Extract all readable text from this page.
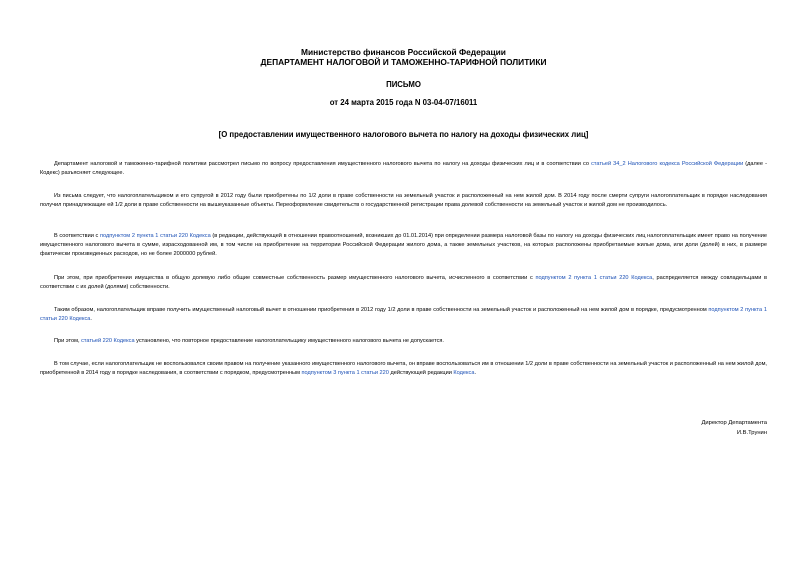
Министерство финансов Российской Федерации
ДЕПАРТАМЕНТ НАЛОГОВОЙ И ТАМОЖЕННО-ТАРИФНОЙ ПОЛИТИКИ
ПИСЬМО
от 24 марта 2015 года N 03-04-07/16011
[О предоставлении имущественного налогового вычета по налогу на доходы физических лиц]
Департамент налоговой и таможенно-тарифной политики рассмотрел письмо по вопросу предоставления имущественного налогового вычета по налогу на доходы физических лиц и в соответствии со статьей 34_2 Налогового кодекса Российской Федерации (далее - Кодекс) разъясняет следующее.
Из письма следует, что налогоплательщиком и его супругой в 2012 году были приобретены по 1/2 доли в праве собственности на земельный участок и расположенный на нем жилой дом. В 2014 году после смерти супруги налогоплательщик в порядке наследования получил принадлежащие ей 1/2 доли в праве собственности на вышеуказанные объекты. Переоформление свидетельств о государственной регистрации права долевой собственности на земельный участок и жилой дом не производилось.
В соответствии с подпунктом 2 пункта 1 статьи 220 Кодекса (в редакции, действующей в отношении правоотношений, возникших до 01.01.2014) при определении размера налоговой базы по налогу на доходы физических лиц налогоплательщик имеет право на получение имущественного налогового вычета в сумме, израсходованной им, в том числе на приобретение на территории Российской Федерации жилого дома, а также земельных участков, на которых расположены приобретаемые жилые дома, или доли (долей) в них, в размере фактически произведенных расходов, но не более 2000000 рублей.
При этом, при приобретении имущества в общую долевую либо общие совместные собственность размер имущественного налогового вычета, исчисленного в соответствии с подпунктом 2 пункта 1 статьи 220 Кодекса, распределяется между совладельцами в соответствии с их долей (долями) собственности.
Таким образом, налогоплательщик вправе получить имущественный налоговый вычет в отношении приобретения в 2012 году 1/2 доли в праве собственности на земельный участок и расположенный на нем жилой дом в порядке, предусмотренном подпунктом 2 пункта 1 статьи 220 Кодекса.
При этом, статьей 220 Кодекса установлено, что повторное предоставление налогоплательщику имущественного налогового вычета не допускается.
В том случае, если налогоплательщик не воспользовался своим правом на получение указанного имущественного налогового вычета, он вправе воспользоваться им в отношении 1/2 доли в праве собственности на земельный участок и расположенный на нем жилой дом, приобретенной в 2014 году в порядке наследования, в соответствии с порядком, предусмотренным подпунктом 3 пункта 1 статьи 220 действующей редакции Кодекса.
Директор Департамента
И.В.Трунин
